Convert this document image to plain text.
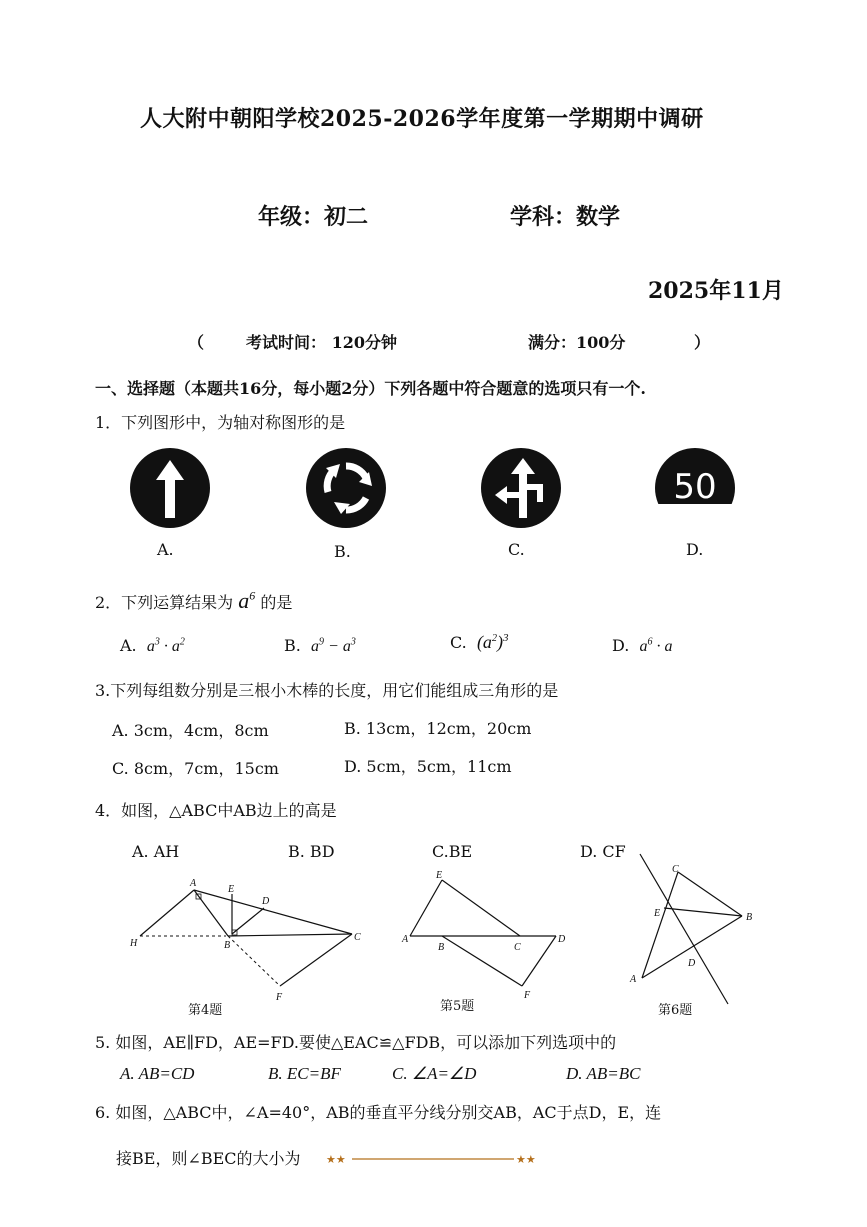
人大附中朝阳学校2025-2026学年度第一学期期中调研
年级：初二	学科：数学
2025年11月
（	考试时间： 120分钟	满分：100分	）
一、选择题（本题共16分，每小题2分）下列各题中符合题意的选项只有一个.
1．下列图形中，为轴对称图形的是
50
A.	B.	C.	D.
2．下列运算结果为 $a^6$ 的是
A. $a^3 \cdot a^2$	B. $a^9 - a^3$	C. $(a^2)^3$	D. $a^6 \cdot a$
3.下列每组数分别是三根小木棒的长度，用它们能组成三角形的是
A. 3cm，4cm，8cm	B. 13cm，12cm，20cm
C. 8cm，7cm，15cm	D. 5cm，5cm，11cm
4．如图，△ABC中AB边上的高是
A. AH	B. BD	C.BE	D. CF
A
E
D
H	B
C
F
第4题
E
A
B	C
D
F
第5题
C
E	B
D
A
第6题
5. 如图，AE∥FD，AE=FD.要使△EAC≌△FDB，可以添加下列选项中的
A. AB=CD	B. EC=BF	C. ∠A=∠D	D. AB=BC
6. 如图，△ABC中，∠A=40°，AB的垂直平分线分别交AB，AC于点D，E，连
接BE，则∠BEC的大小为 ★★	★★
